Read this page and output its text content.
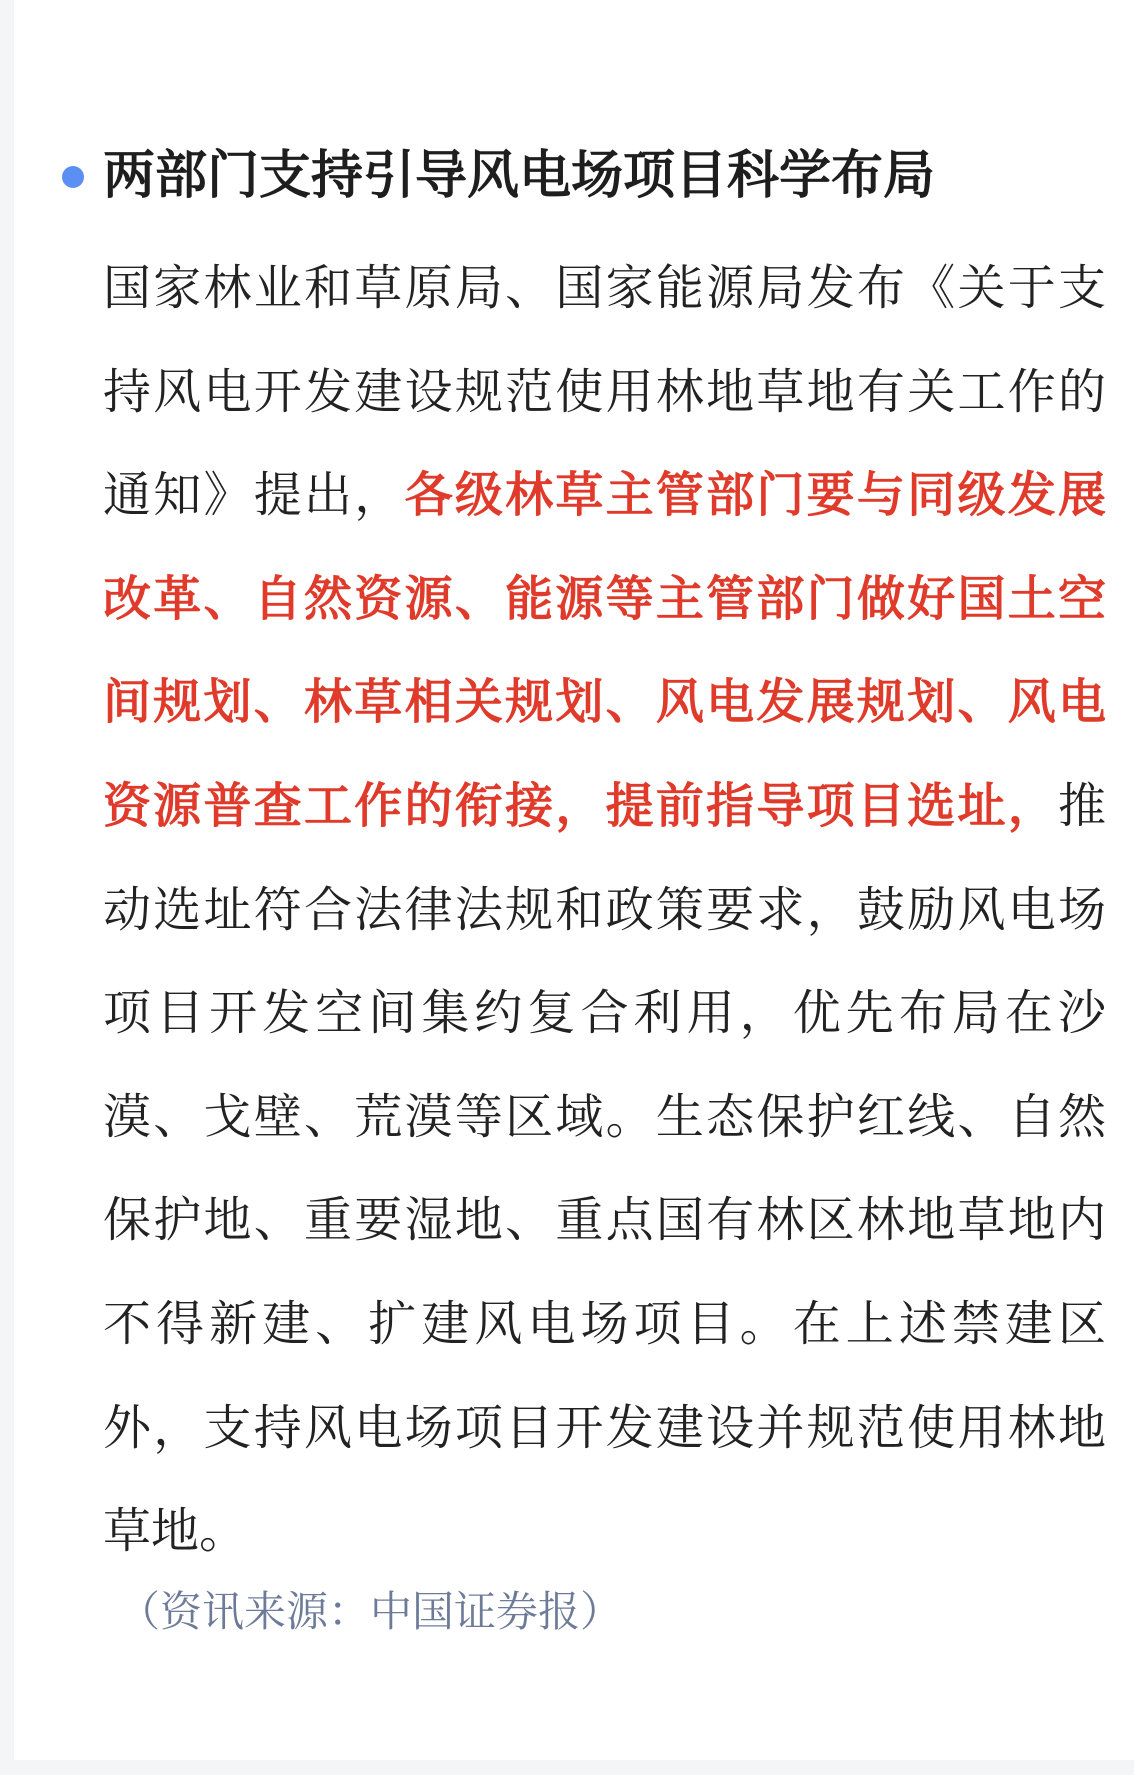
两部门支持引导风电场项目科学布局
国家林业和草原局、国家能源局发布《关于支持风电开发建设规范使用林地草地有关工作的通知》提出，各级林草主管部门要与同级发展改革、自然资源、能源等主管部门做好国土空间规划、林草相关规划、风电发展规划、风电资源普查工作的衔接，提前指导项目选址，推动选址符合法律法规和政策要求，鼓励风电场项目开发空间集约复合利用，优先布局在沙漠、戈壁、荒漠等区域。生态保护红线、自然保护地、重要湿地、重点国有林区林地草地内不得新建、扩建风电场项目。在上述禁建区外，支持风电场项目开发建设并规范使用林地草地。
（资讯来源：中国证券报）
